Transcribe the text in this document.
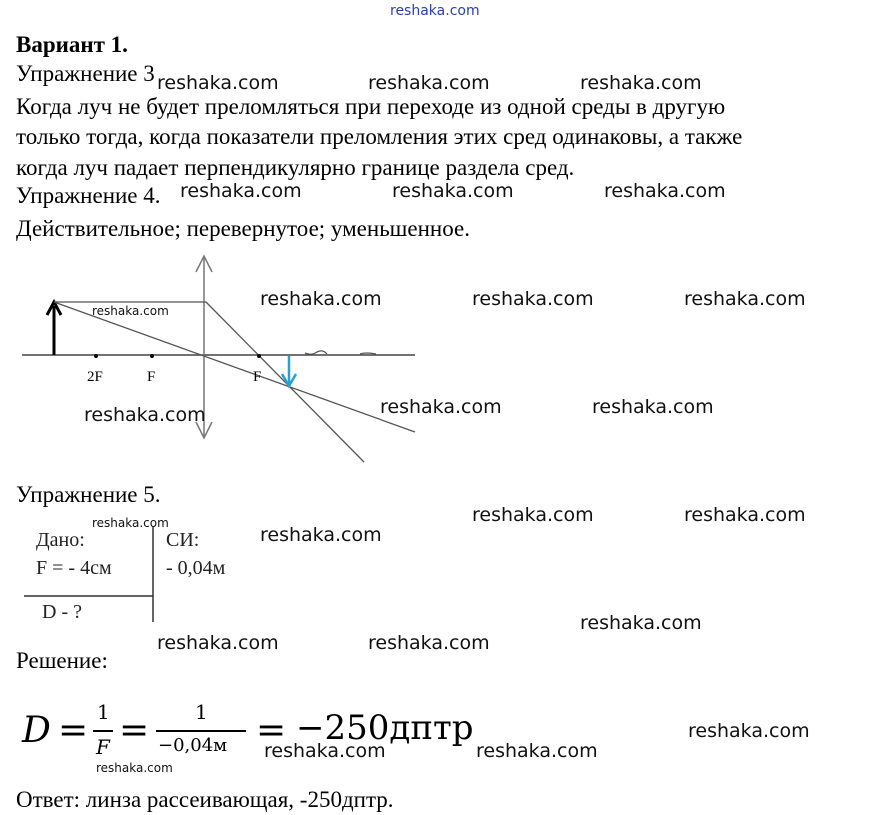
reshaka.com
Вариант 1.
Упражнение 3
Когда луч не будет преломляться при переходе из одной среды в другую
только тогда, когда показатели преломления этих сред одинаковы, а также
когда луч падает перпендикулярно границе раздела сред.
Упражнение 4.
Действительное; перевернутое; уменьшенное.
2F	F	F
Упражнение 5.
Дано:
F = - 4см
СИ:
- 0,04м
D - ?
Решение:
D = 1
F = 1
−0,04м = −250дптр
Ответ: линза рассеивающая, -250дптр.
reshaka.com	reshaka.com	reshaka.com
reshaka.com	reshaka.com	reshaka.com
reshaka.com	reshaka.com	reshaka.com
reshaka.com
reshaka.com	reshaka.com	reshaka.com
reshaka.com	reshaka.com
reshaka.com
reshaka.com
reshaka.com
reshaka.com	reshaka.com
reshaka.com
reshaka.com	reshaka.com
reshaka.com
